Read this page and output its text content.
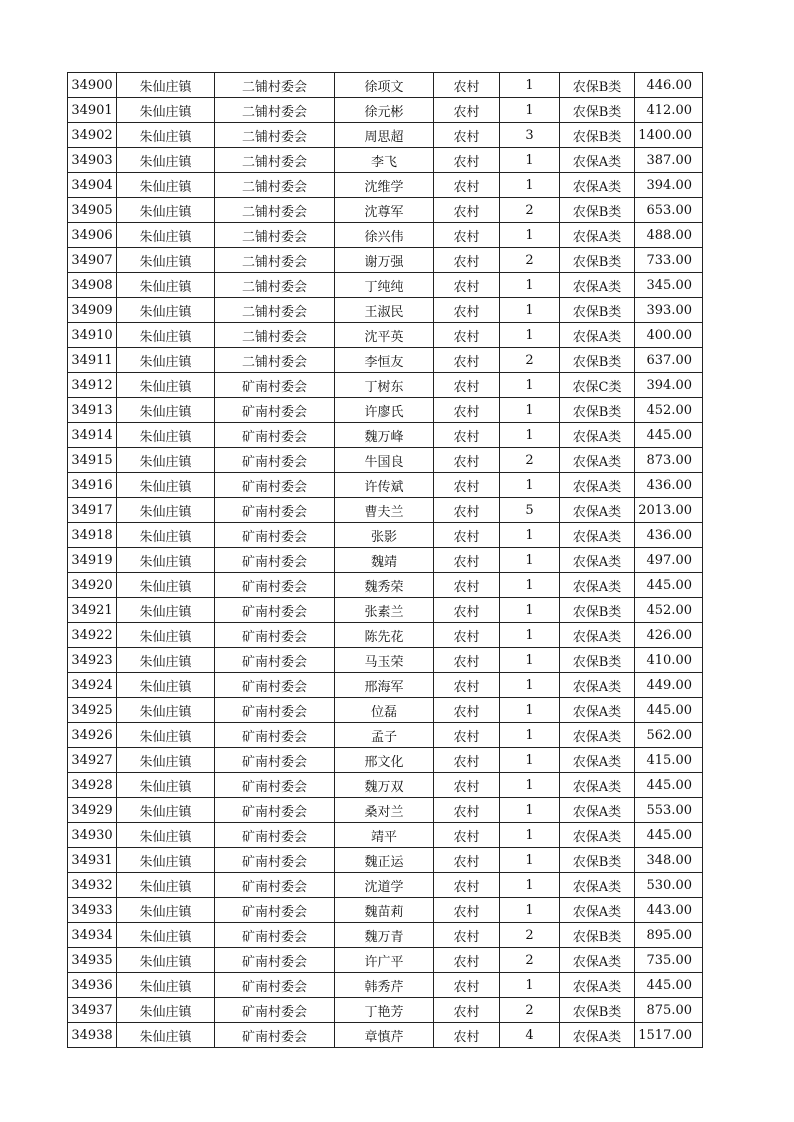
34900	朱仙庄镇	二铺村委会	徐项文	农村	1	农保B类	446.00
34901	朱仙庄镇	二铺村委会	徐元彬	农村	1	农保B类	412.00
34902	朱仙庄镇	二铺村委会	周思超	农村	3	农保B类	1400.00
34903	朱仙庄镇	二铺村委会	李飞	农村	1	农保A类	387.00
34904	朱仙庄镇	二铺村委会	沈维学	农村	1	农保A类	394.00
34905	朱仙庄镇	二铺村委会	沈尊军	农村	2	农保B类	653.00
34906	朱仙庄镇	二铺村委会	徐兴伟	农村	1	农保A类	488.00
34907	朱仙庄镇	二铺村委会	谢万强	农村	2	农保B类	733.00
34908	朱仙庄镇	二铺村委会	丁纯纯	农村	1	农保A类	345.00
34909	朱仙庄镇	二铺村委会	王淑民	农村	1	农保B类	393.00
34910	朱仙庄镇	二铺村委会	沈平英	农村	1	农保A类	400.00
34911	朱仙庄镇	二铺村委会	李恒友	农村	2	农保B类	637.00
34912	朱仙庄镇	矿南村委会	丁树东	农村	1	农保C类	394.00
34913	朱仙庄镇	矿南村委会	许廖氏	农村	1	农保B类	452.00
34914	朱仙庄镇	矿南村委会	魏万峰	农村	1	农保A类	445.00
34915	朱仙庄镇	矿南村委会	牛国良	农村	2	农保A类	873.00
34916	朱仙庄镇	矿南村委会	许传斌	农村	1	农保A类	436.00
34917	朱仙庄镇	矿南村委会	曹夫兰	农村	5	农保A类	2013.00
34918	朱仙庄镇	矿南村委会	张影	农村	1	农保A类	436.00
34919	朱仙庄镇	矿南村委会	魏靖	农村	1	农保A类	497.00
34920	朱仙庄镇	矿南村委会	魏秀荣	农村	1	农保A类	445.00
34921	朱仙庄镇	矿南村委会	张素兰	农村	1	农保B类	452.00
34922	朱仙庄镇	矿南村委会	陈先花	农村	1	农保A类	426.00
34923	朱仙庄镇	矿南村委会	马玉荣	农村	1	农保B类	410.00
34924	朱仙庄镇	矿南村委会	邢海军	农村	1	农保A类	449.00
34925	朱仙庄镇	矿南村委会	位磊	农村	1	农保A类	445.00
34926	朱仙庄镇	矿南村委会	孟子	农村	1	农保A类	562.00
34927	朱仙庄镇	矿南村委会	邢文化	农村	1	农保A类	415.00
34928	朱仙庄镇	矿南村委会	魏万双	农村	1	农保A类	445.00
34929	朱仙庄镇	矿南村委会	桑对兰	农村	1	农保A类	553.00
34930	朱仙庄镇	矿南村委会	靖平	农村	1	农保A类	445.00
34931	朱仙庄镇	矿南村委会	魏正运	农村	1	农保B类	348.00
34932	朱仙庄镇	矿南村委会	沈道学	农村	1	农保A类	530.00
34933	朱仙庄镇	矿南村委会	魏苗莉	农村	1	农保A类	443.00
34934	朱仙庄镇	矿南村委会	魏万青	农村	2	农保B类	895.00
34935	朱仙庄镇	矿南村委会	许广平	农村	2	农保A类	735.00
34936	朱仙庄镇	矿南村委会	韩秀芹	农村	1	农保A类	445.00
34937	朱仙庄镇	矿南村委会	丁艳芳	农村	2	农保B类	875.00
34938	朱仙庄镇	矿南村委会	章慎芹	农村	4	农保A类	1517.00
